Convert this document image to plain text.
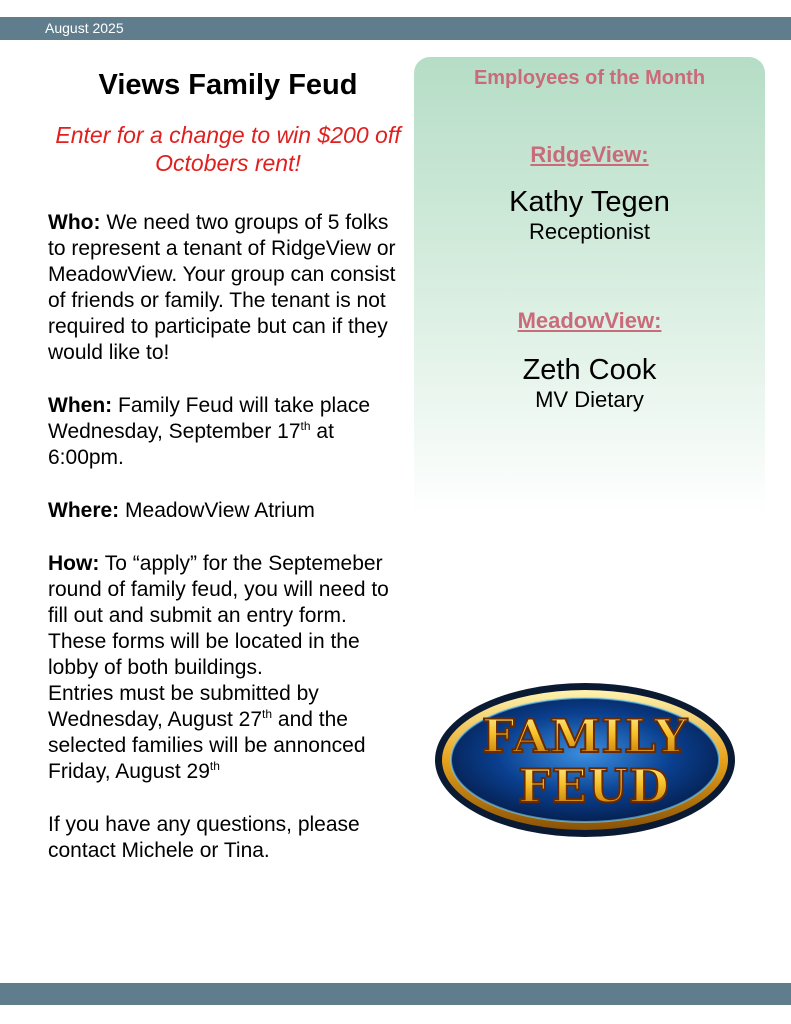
August 2025
Views Family Feud
Enter for a change to win $200 off Octobers rent!
Who: We need two groups of 5 folks to represent a tenant of RidgeView or MeadowView. Your group can consist of friends or family. The tenant is not required to participate but can if they would like to!
When: Family Feud will take place Wednesday, September 17th at 6:00pm.
Where: MeadowView Atrium
How: To “apply” for the Septemeber round of family feud, you will need to fill out and submit an entry form. These forms will be located in the lobby of both buildings.
Entries must be submitted by Wednesday, August 27th and the selected families will be annonced Friday, August 29th
If you have any questions, please contact Michele or Tina.
Employees of the Month
RidgeView:
Kathy Tegen
Receptionist
MeadowView:
Zeth Cook
MV Dietary
FAMILY
FEUD
